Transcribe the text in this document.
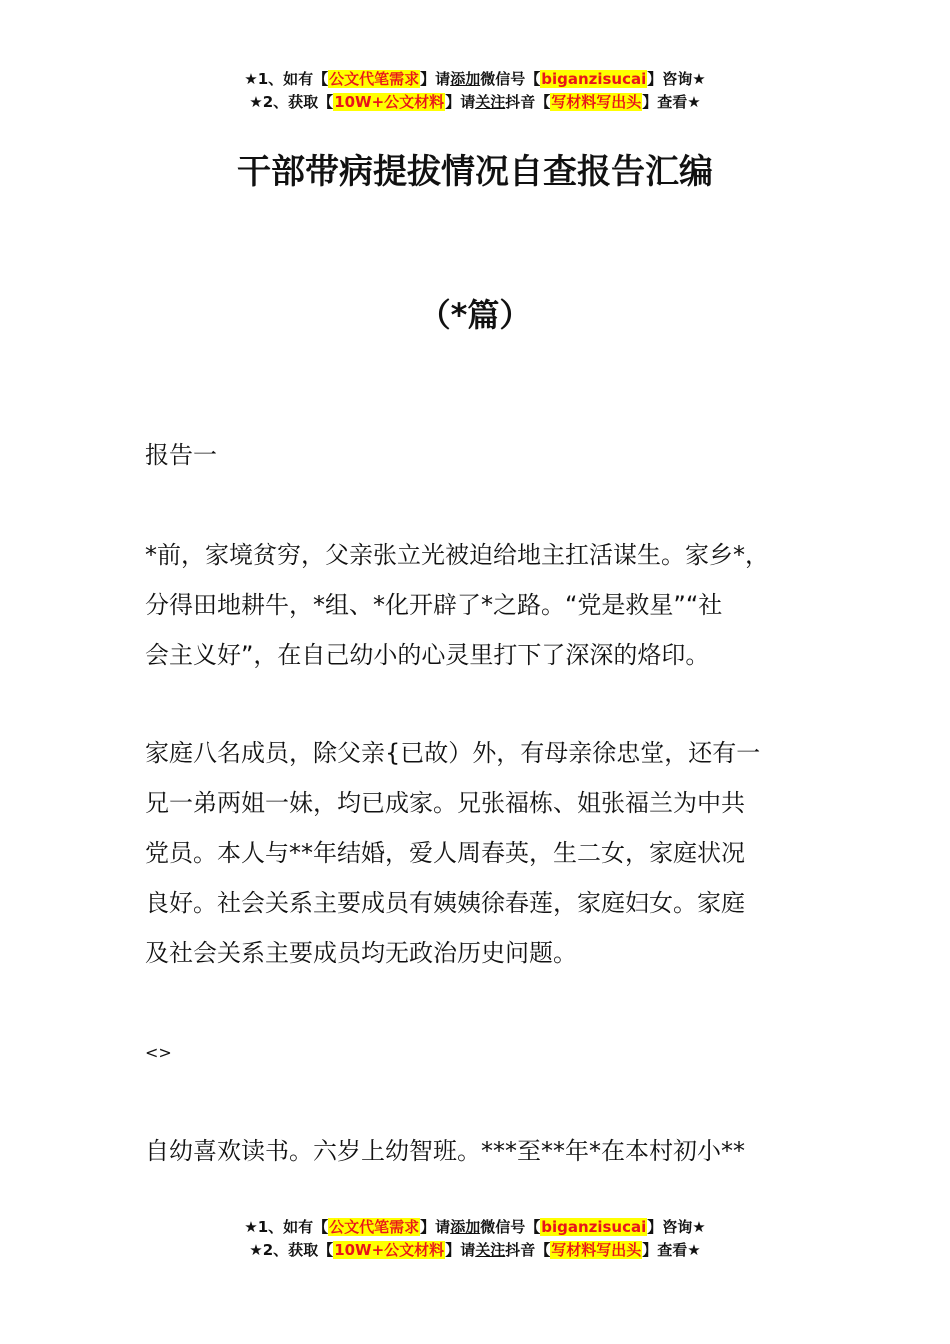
★1、如有【公文代笔需求】请添加微信号【biganzisucai】咨询★
★2、获取【10W+公文材料】请关注抖音【写材料写出头】查看★
干部带病提拔情况自查报告汇编
（*篇）
报告一

*前，家境贫穷，父亲张立光被迫给地主扛活谋生。家乡*，

分得田地耕牛，*组、*化开辟了*之路。“党是救星”“社

会主义好”，在自己幼小的心灵里打下了深深的烙印。

家庭八名成员，除父亲{已故）外，有母亲徐忠堂，还有一

兄一弟两姐一妹，均已成家。兄张福栋、姐张福兰为中共

党员。本人与**年结婚，爱人周春英，生二女，家庭状况

良好。社会关系主要成员有姨姨徐春莲，家庭妇女。家庭

及社会关系主要成员均无政治历史问题。

<>

自幼喜欢读书。六岁上幼智班。***至**年*在本村初小**

★1、如有【公文代笔需求】请添加微信号【biganzisucai】咨询★
★2、获取【10W+公文材料】请关注抖音【写材料写出头】查看★
